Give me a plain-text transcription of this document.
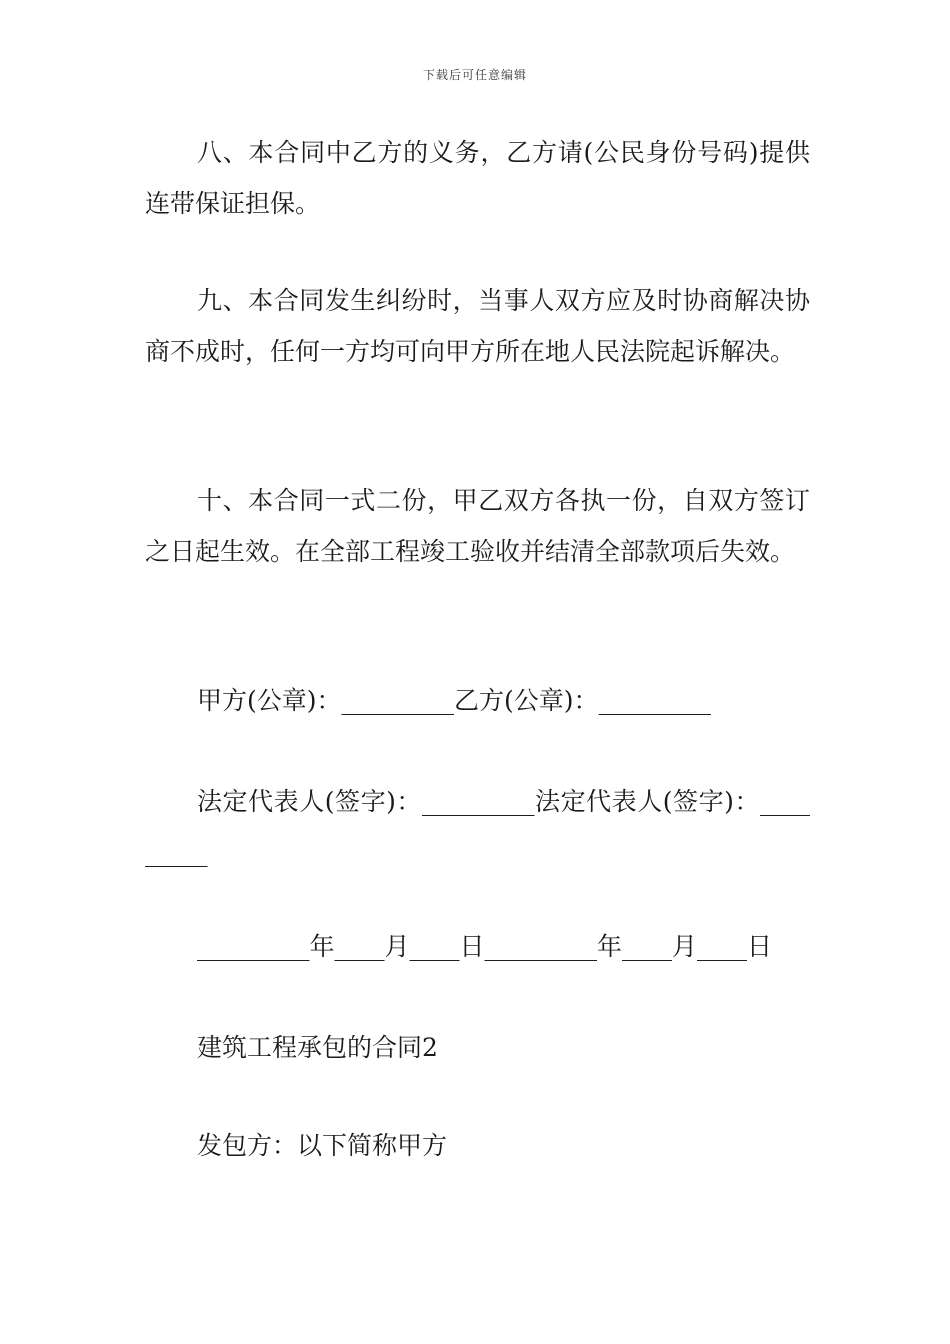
下载后可任意编辑

八、本合同中乙方的义务，乙方请(公民身份号码)提供连带保证担保。

九、本合同发生纠纷时，当事人双方应及时协商解决协商不成时，任何一方均可向甲方所在地人民法院起诉解决。

十、本合同一式二份，甲乙双方各执一份，自双方签订之日起生效。在全部工程竣工验收并结清全部款项后失效。

甲方(公章)：_________乙方(公章)：_________

法定代表人(签字)：_________法定代表人(签字)：_________

_________年____月____日_________年____月____日

建筑工程承包的合同2

发包方：以下简称甲方
